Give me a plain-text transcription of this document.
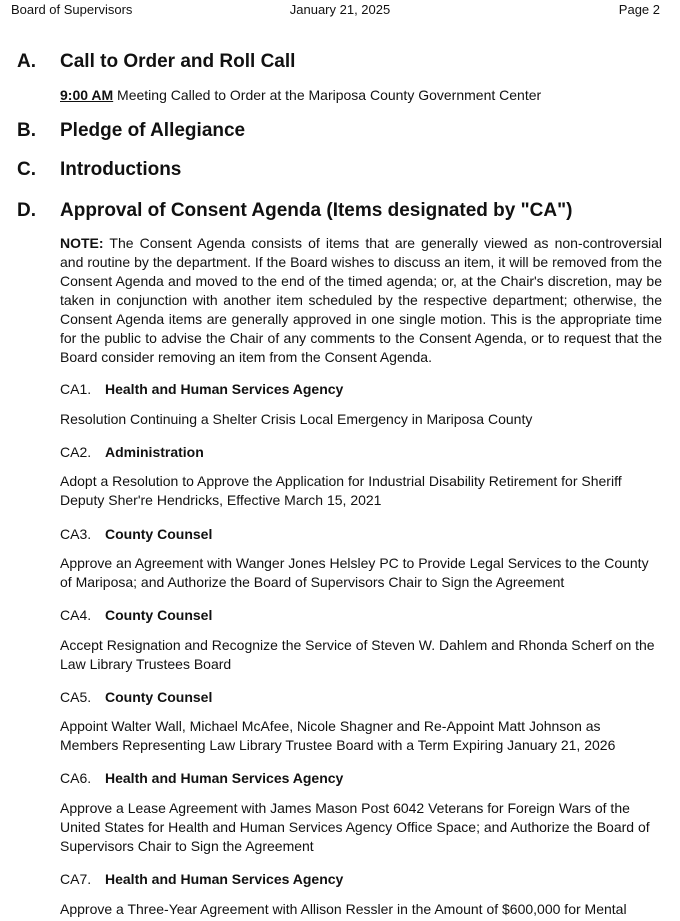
Board of Supervisors	January 21, 2025	Page 2
A. Call to Order and Roll Call
9:00 AM Meeting Called to Order at the Mariposa County Government Center
B. Pledge of Allegiance
C. Introductions
D. Approval of Consent Agenda (Items designated by "CA")
NOTE: The Consent Agenda consists of items that are generally viewed as non-controversial and routine by the department. If the Board wishes to discuss an item, it will be removed from the Consent Agenda and moved to the end of the timed agenda; or, at the Chair's discretion, may be taken in conjunction with another item scheduled by the respective department; otherwise, the Consent Agenda items are generally approved in one single motion. This is the appropriate time for the public to advise the Chair of any comments to the Consent Agenda, or to request that the Board consider removing an item from the Consent Agenda.
CA1. Health and Human Services Agency
Resolution Continuing a Shelter Crisis Local Emergency in Mariposa County
CA2. Administration
Adopt a Resolution to Approve the Application for Industrial Disability Retirement for Sheriff
Deputy Sher're Hendricks, Effective March 15, 2021
CA3. County Counsel
Approve an Agreement with Wanger Jones Helsley PC to Provide Legal Services to the County
of Mariposa; and Authorize the Board of Supervisors Chair to Sign the Agreement
CA4. County Counsel
Accept Resignation and Recognize the Service of Steven W. Dahlem and Rhonda Scherf on the
Law Library Trustees Board
CA5. County Counsel
Appoint Walter Wall, Michael McAfee, Nicole Shagner and Re-Appoint Matt Johnson as
Members Representing Law Library Trustee Board with a Term Expiring January 21, 2026
CA6. Health and Human Services Agency
Approve a Lease Agreement with James Mason Post 6042 Veterans for Foreign Wars of the
United States for Health and Human Services Agency Office Space; and Authorize the Board of
Supervisors Chair to Sign the Agreement
CA7. Health and Human Services Agency
Approve a Three-Year Agreement with Allison Ressler in the Amount of $600,000 for Mental
